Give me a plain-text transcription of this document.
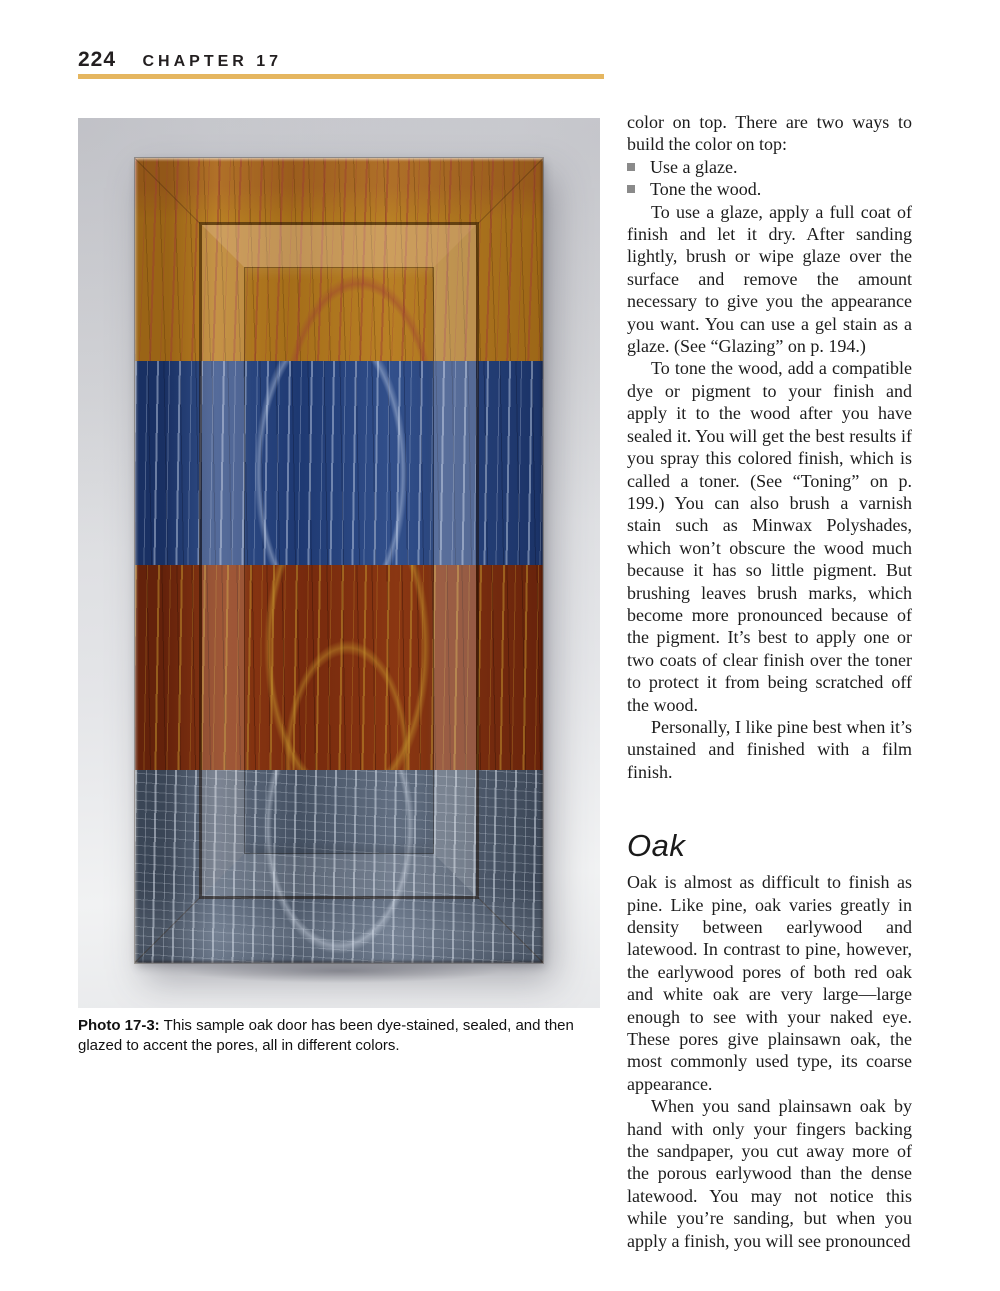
224 CHAPTER 17
Photo 17-3: This sample oak door has been dye-stained, sealed, and then glazed to accent the pores, all in different colors.

color on top. There are two ways to build the color on top:

Use a glaze.
Tone the wood.

To use a glaze, apply a full coat of finish and let it dry. After sanding lightly, brush or wipe glaze over the surface and remove the amount necessary to give you the appearance you want. You can use a gel stain as a glaze. (See “Glazing” on p. 194.)

To tone the wood, add a compatible dye or pigment to your finish and apply it to the wood after you have sealed it. You will get the best results if you spray this colored finish, which is called a toner. (See “Toning” on p. 199.) You can also brush a varnish stain such as Minwax Polyshades, which won’t obscure the wood much because it has so little pigment. But brushing leaves brush marks, which become more pronounced because of the pigment. It’s best to apply one or two coats of clear finish over the toner to protect it from being scratched off the wood.

Personally, I like pine best when it’s unstained and finished with a film finish.

Oak

Oak is almost as difficult to finish as pine. Like pine, oak varies greatly in density between earlywood and latewood. In contrast to pine, however, the earlywood pores of both red oak and white oak are very large—large enough to see with your naked eye. These pores give plainsawn oak, the most commonly used type, its coarse appearance.

When you sand plainsawn oak by hand with only your fingers backing the sandpaper, you cut away more of the porous earlywood than the dense latewood. You may not notice this while you’re sanding, but when you apply a finish, you will see pronounced
